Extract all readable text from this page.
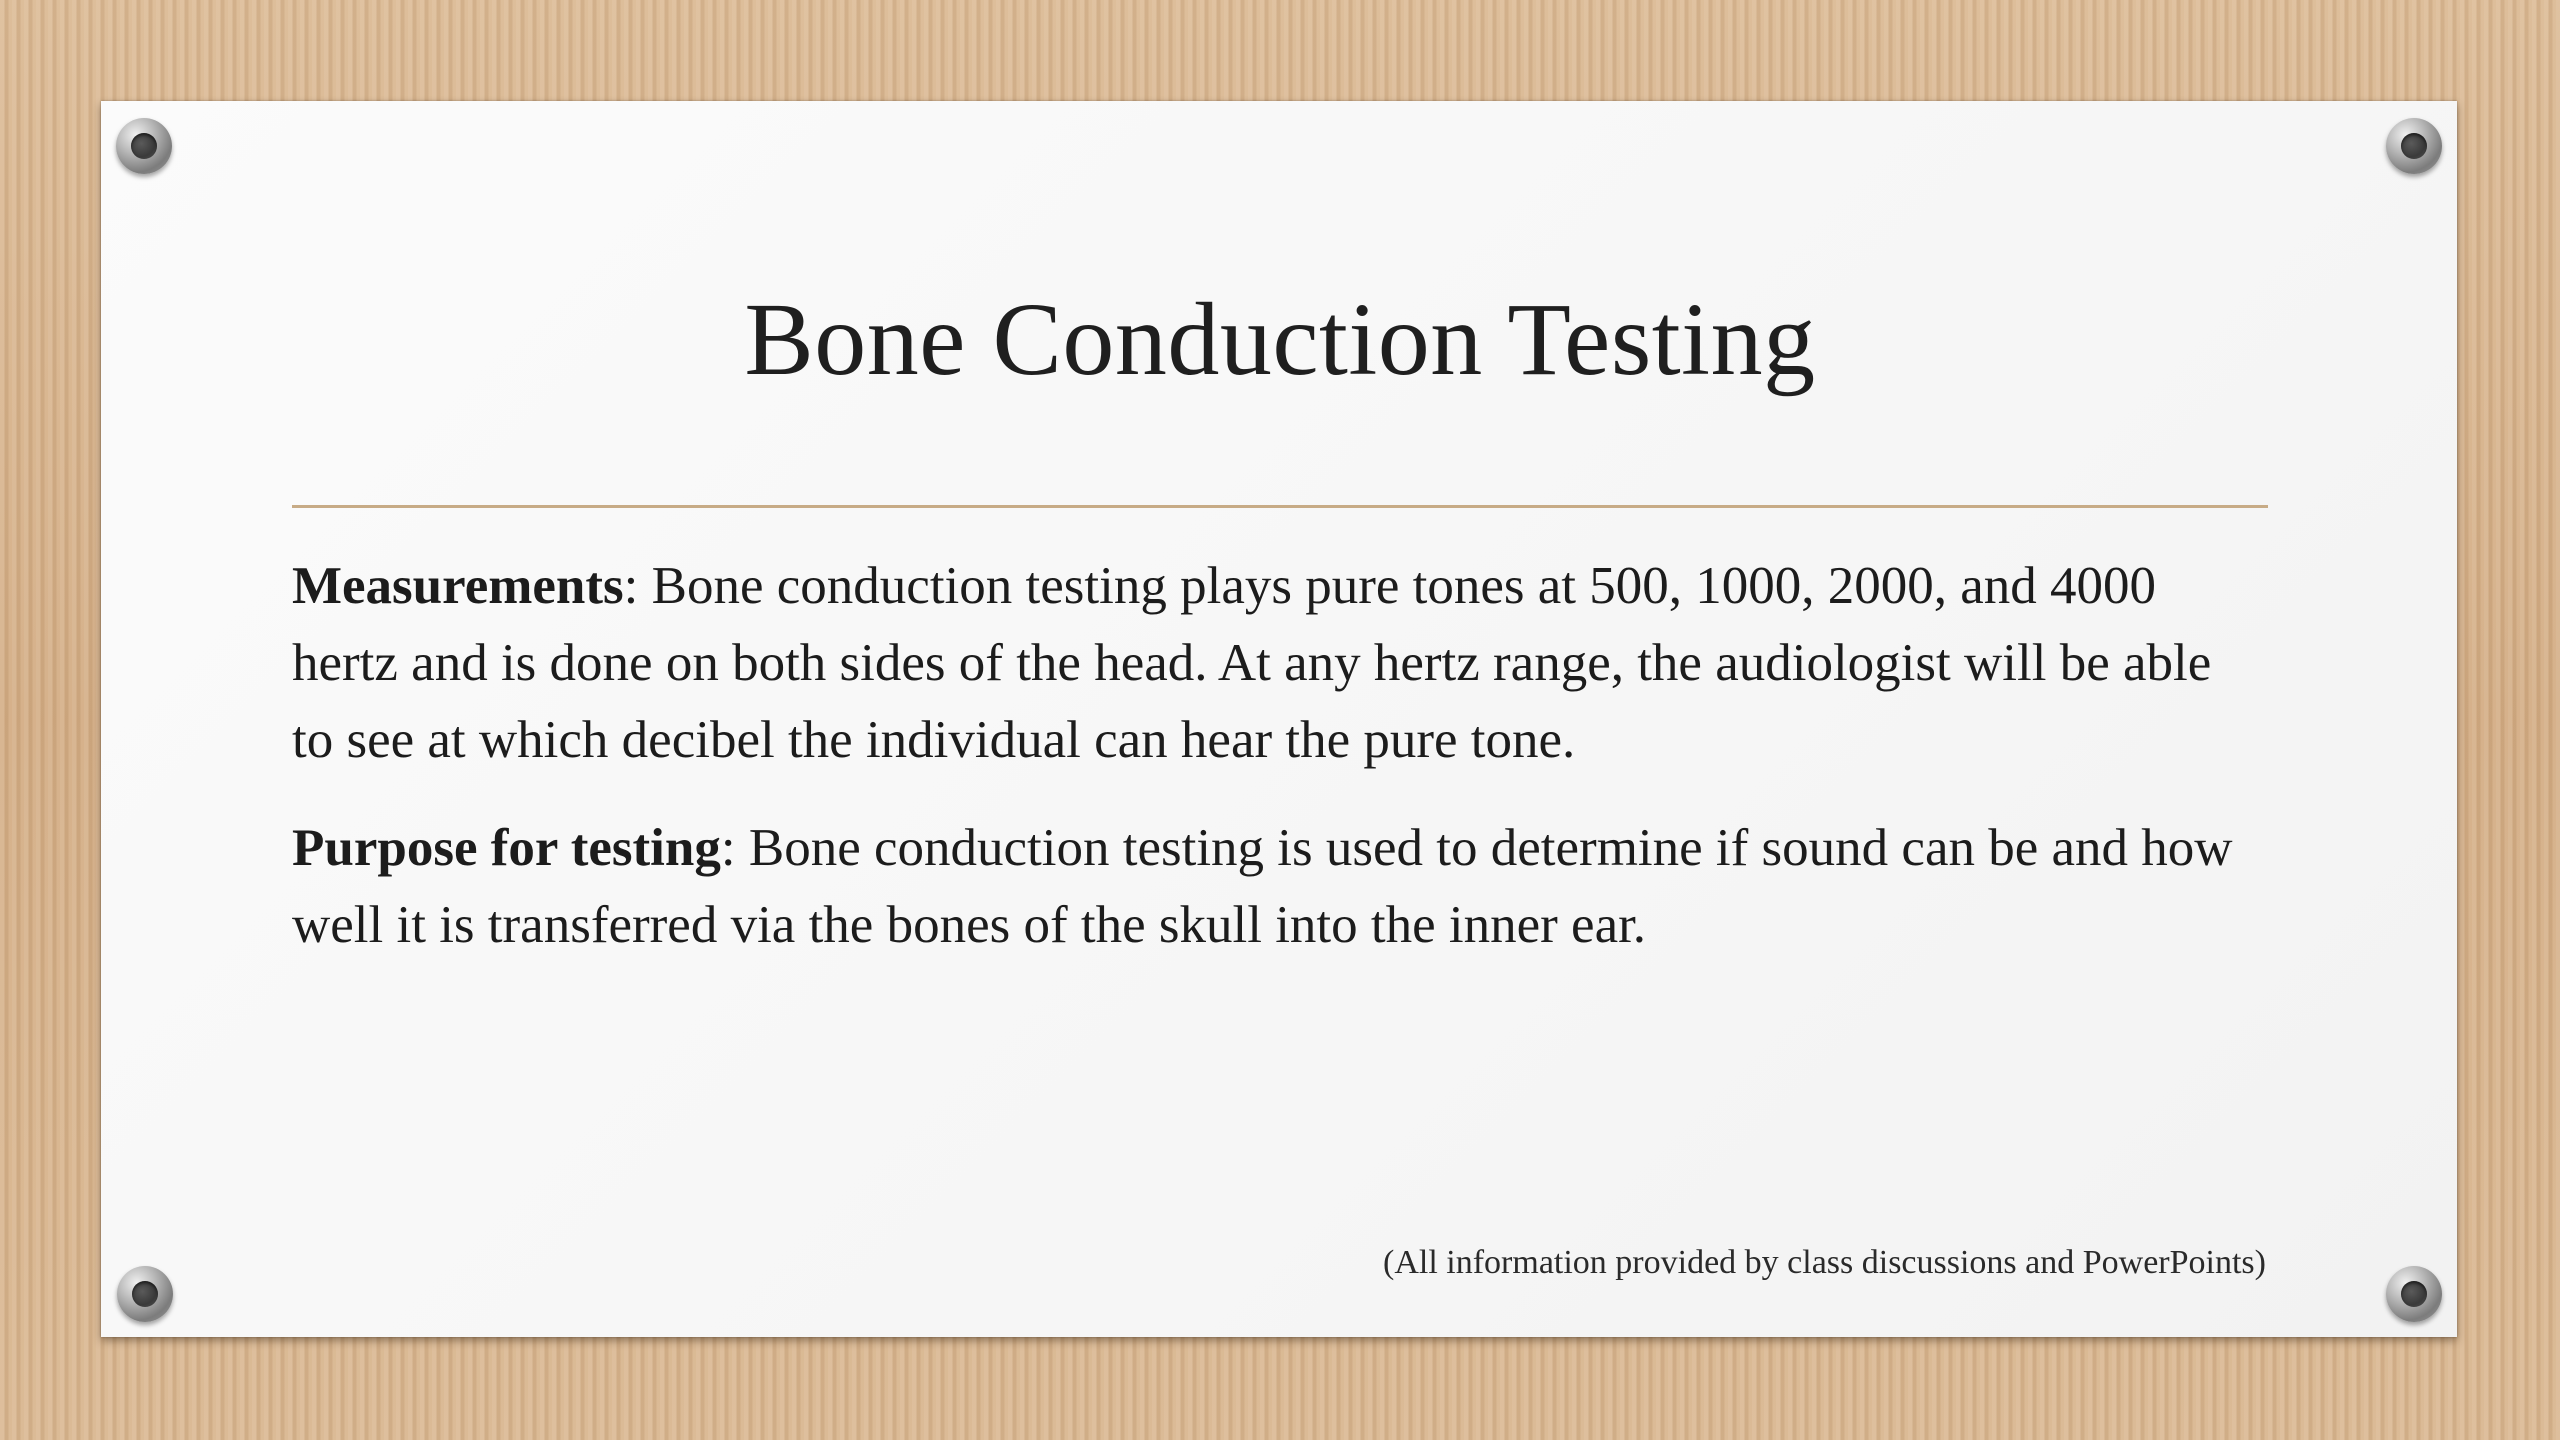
Bone Conduction Testing

Measurements: Bone conduction testing plays pure tones at 500, 1000, 2000, and 4000 hertz and is done on both sides of the head. At any hertz range, the audiologist will be able to see at which decibel the individual can hear the pure tone.

Purpose for testing: Bone conduction testing is used to determine if sound can be and how well it is transferred via the bones of the skull into the inner ear.

(All information provided by class discussions and PowerPoints)
